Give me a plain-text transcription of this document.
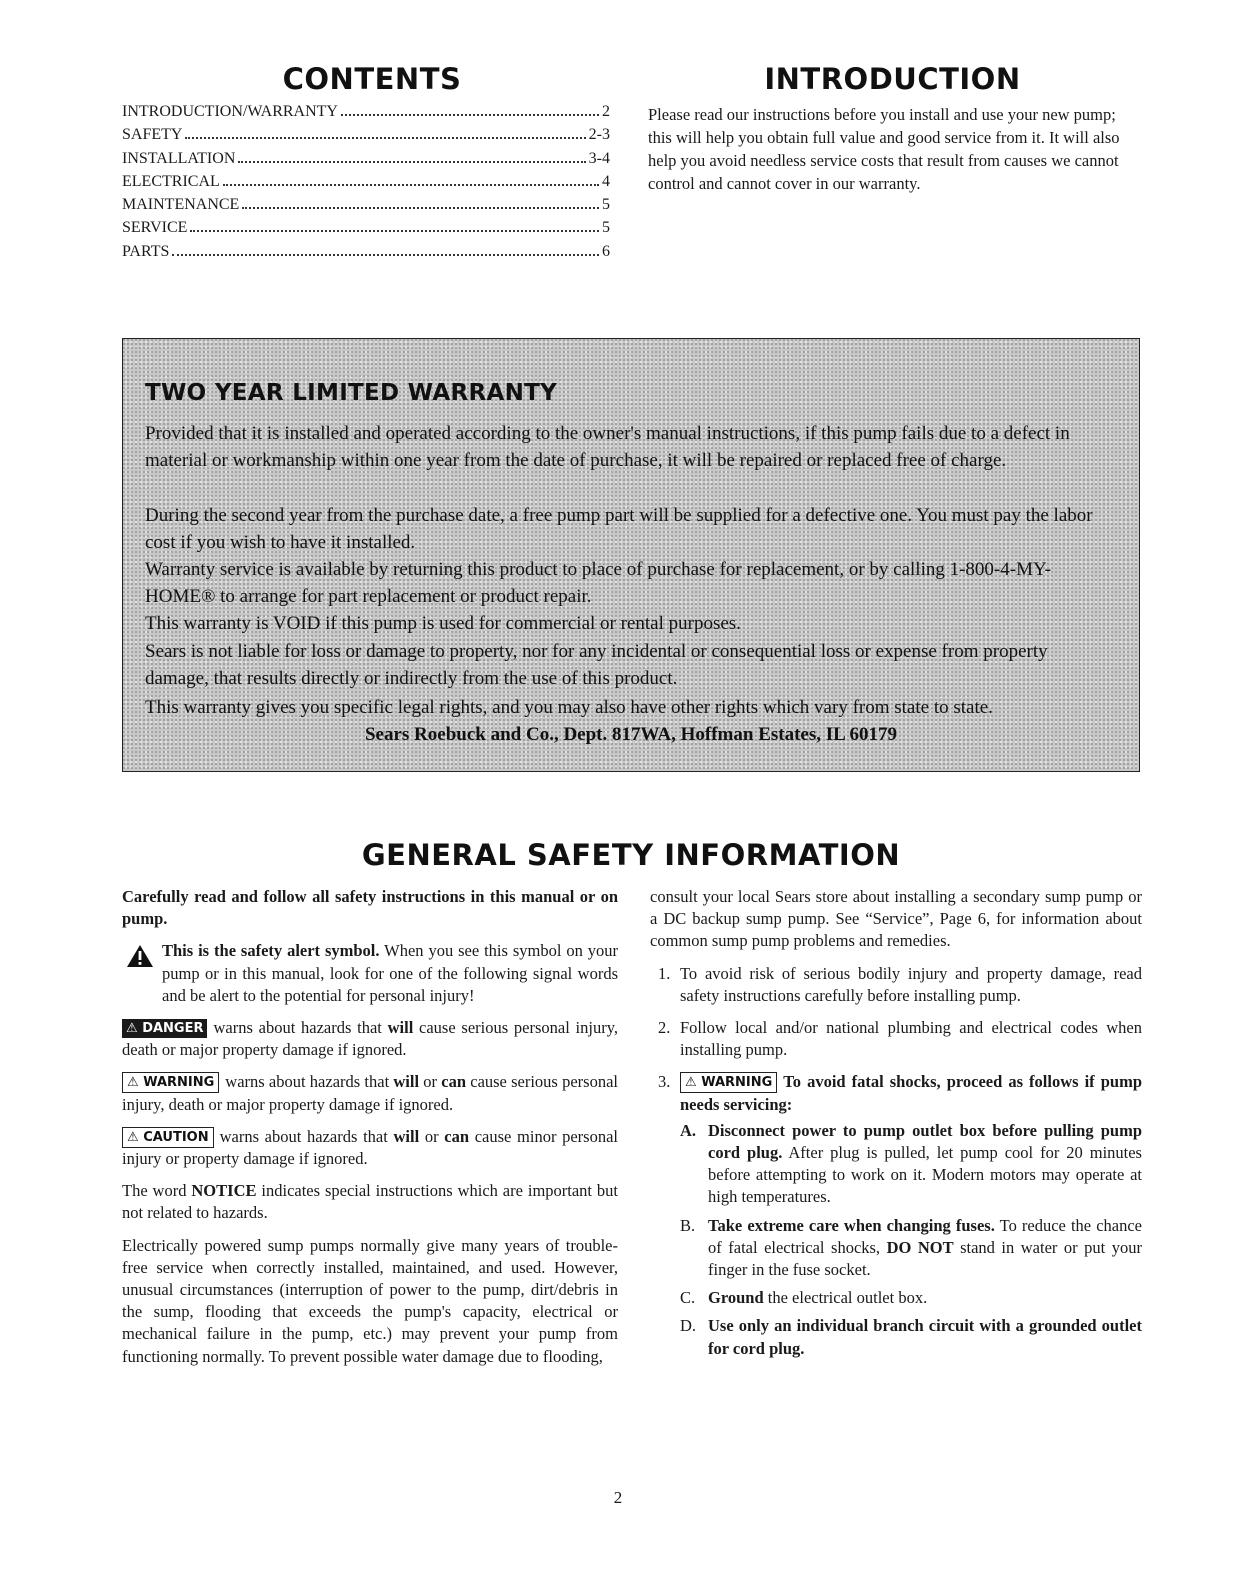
CONTENTS
INTRODUCTION/WARRANTY	2
SAFETY	2-3
INSTALLATION	3-4
ELECTRICAL	4
MAINTENANCE	5
SERVICE	5
PARTS	6
INTRODUCTION
Please read our instructions before you install and use your new pump; this will help you obtain full value and good service from it. It will also help you avoid needless service costs that result from causes we cannot control and cannot cover in our warranty.
TWO YEAR LIMITED WARRANTY
Provided that it is installed and operated according to the owner's manual instructions, if this pump fails due to a defect in material or workmanship within one year from the date of purchase, it will be repaired or replaced free of charge.
During the second year from the purchase date, a free pump part will be supplied for a defective one. You must pay the labor cost if you wish to have it installed.
Warranty service is available by returning this product to place of purchase for replacement, or by calling 1-800-4-MY-HOME® to arrange for part replacement or product repair.
This warranty is VOID if this pump is used for commercial or rental purposes.
Sears is not liable for loss or damage to property, nor for any incidental or consequential loss or expense from property damage, that results directly or indirectly from the use of this product.
This warranty gives you specific legal rights, and you may also have other rights which vary from state to state.
Sears Roebuck and Co., Dept. 817WA, Hoffman Estates, IL 60179
GENERAL SAFETY INFORMATION

Carefully read and follow all safety instructions in this manual or on pump.

This is the safety alert symbol. When you see this symbol on your pump or in this manual, look for one of the following signal words and be alert to the potential for personal injury!

⚠ DANGER warns about hazards that will cause serious personal injury, death or major property damage if ignored.

⚠ WARNING warns about hazards that will or can cause serious personal injury, death or major property damage if ignored.

⚠ CAUTION warns about hazards that will or can cause minor personal injury or property damage if ignored.

The word NOTICE indicates special instructions which are important but not related to hazards.

Electrically powered sump pumps normally give many years of trouble-free service when correctly installed, maintained, and used. However, unusual circumstances (interruption of power to the pump, dirt/debris in the sump, flooding that exceeds the pump's capacity, electrical or mechanical failure in the pump, etc.) may prevent your pump from functioning normally. To prevent possible water damage due to flooding,

consult your local Sears store about installing a secondary sump pump or a DC backup sump pump. See “Service”, Page 6, for information about common sump pump problems and remedies.

1. To avoid risk of serious bodily injury and property damage, read safety instructions carefully before installing pump.
2. Follow local and/or national plumbing and electrical codes when installing pump.
3. ⚠ WARNING To avoid fatal shocks, proceed as follows if pump needs servicing:
A. Disconnect power to pump outlet box before pulling pump cord plug. After plug is pulled, let pump cool for 20 minutes before attempting to work on it. Modern motors may operate at high temperatures.
B. Take extreme care when changing fuses. To reduce the chance of fatal electrical shocks, DO NOT stand in water or put your finger in the fuse socket.
C. Ground the electrical outlet box.
D. Use only an individual branch circuit with a grounded outlet for cord plug.
2
